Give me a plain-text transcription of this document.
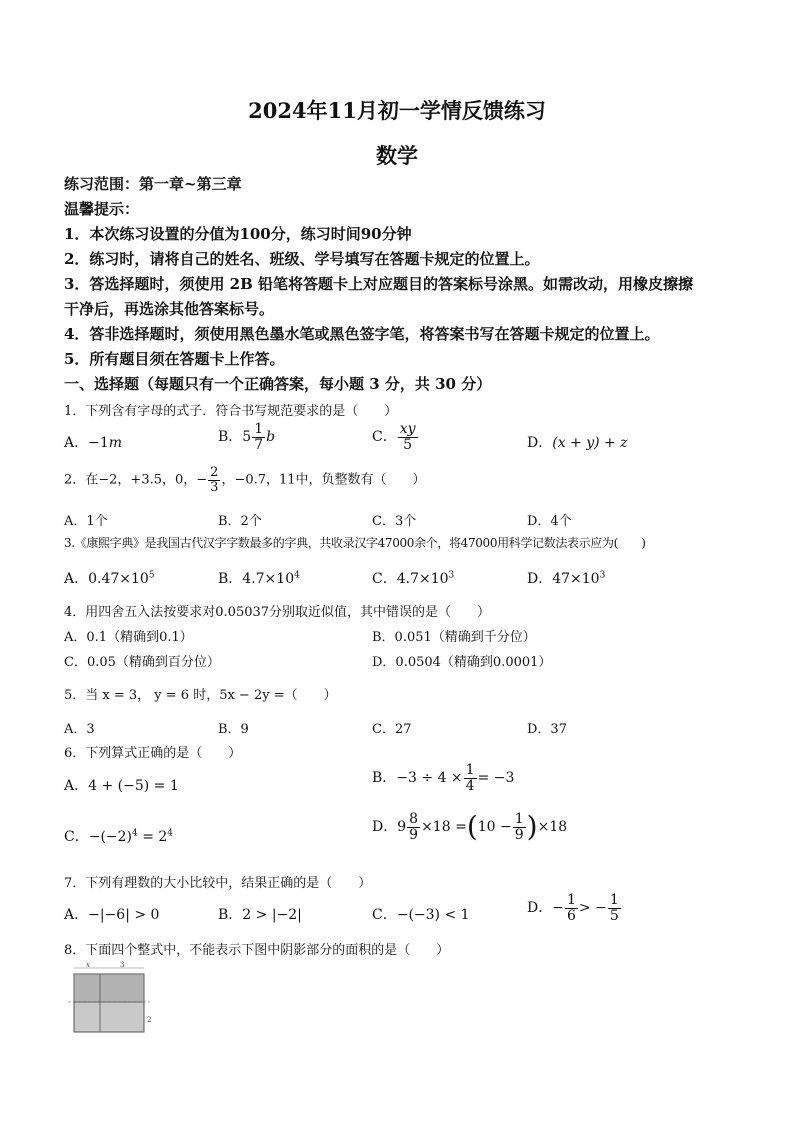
2024年11月初一学情反馈练习
数学
练习范围：第一章~第三章
温馨提示：
1．本次练习设置的分值为100分，练习时间90分钟
2．练习时，请将自己的姓名、班级、学号填写在答题卡规定的位置上。
3．答选择题时，须使用 2B 铅笔将答题卡上对应题目的答案标号涂黑。如需改动，用橡皮擦擦
干净后，再选涂其他答案标号。
4．答非选择题时，须使用黑色墨水笔或黑色签字笔，将答案书写在答题卡规定的位置上。
5．所有题目须在答题卡上作答。
一、选择题（每题只有一个正确答案，每小题 3 分，共 30 分）
1．下列含有字母的式子．符合书写规范要求的是（　　）
A．−1m	B．$5 \frac{1}{7}$ b	C． $\frac{xy}{5}$	D．(x + y) + z
2．在−2，+3.5，0，− $\frac{2}{3}$ ，−0.7，11中，负整数有（　　）
A．1个	B．2个	C．3个	D．4个
3.《康熙字典》是我国古代汉字字数最多的字典，共收录汉字47000余个，将47000用科学记数法表示应为(　　)
A．$0.47\times 10^5$	B．$4.7\times 10^4$	C．$4.7\times 10^3$	D．$47\times 10^3$
4．用四舍五入法按要求对0.05037分别取近似值，其中错误的是（　　）
A．0.1（精确到0.1）	B．0.051（精确到千分位）
C．0.05（精确到百分位）	D．0.0504（精确到0.0001）
5．当 x = 3， y = 6 时，5x − 2y =（　　）
A．3	B．9	C．27	D．37
6．下列算式正确的是（　　）
A．4 + (−5) = 1	B．$-3 \div 4 \times \frac{1}{4} = -3$
C．$-(-2)^4 = 2^4$	D．$9 \frac{8}{9} \times 18 =(10 - \frac{1}{9} )\times 18$
7．下列有理数的大小比较中，结果正确的是（　　）
A．−|−6| > 0	B．2 > |−2|	C．−(−3) < 1	D．− $\frac{1}{6}$ > − $\frac{1}{5}$
8．下面四个整式中，不能表示下图中阴影部分的面积的是（　　）
x	3
2
